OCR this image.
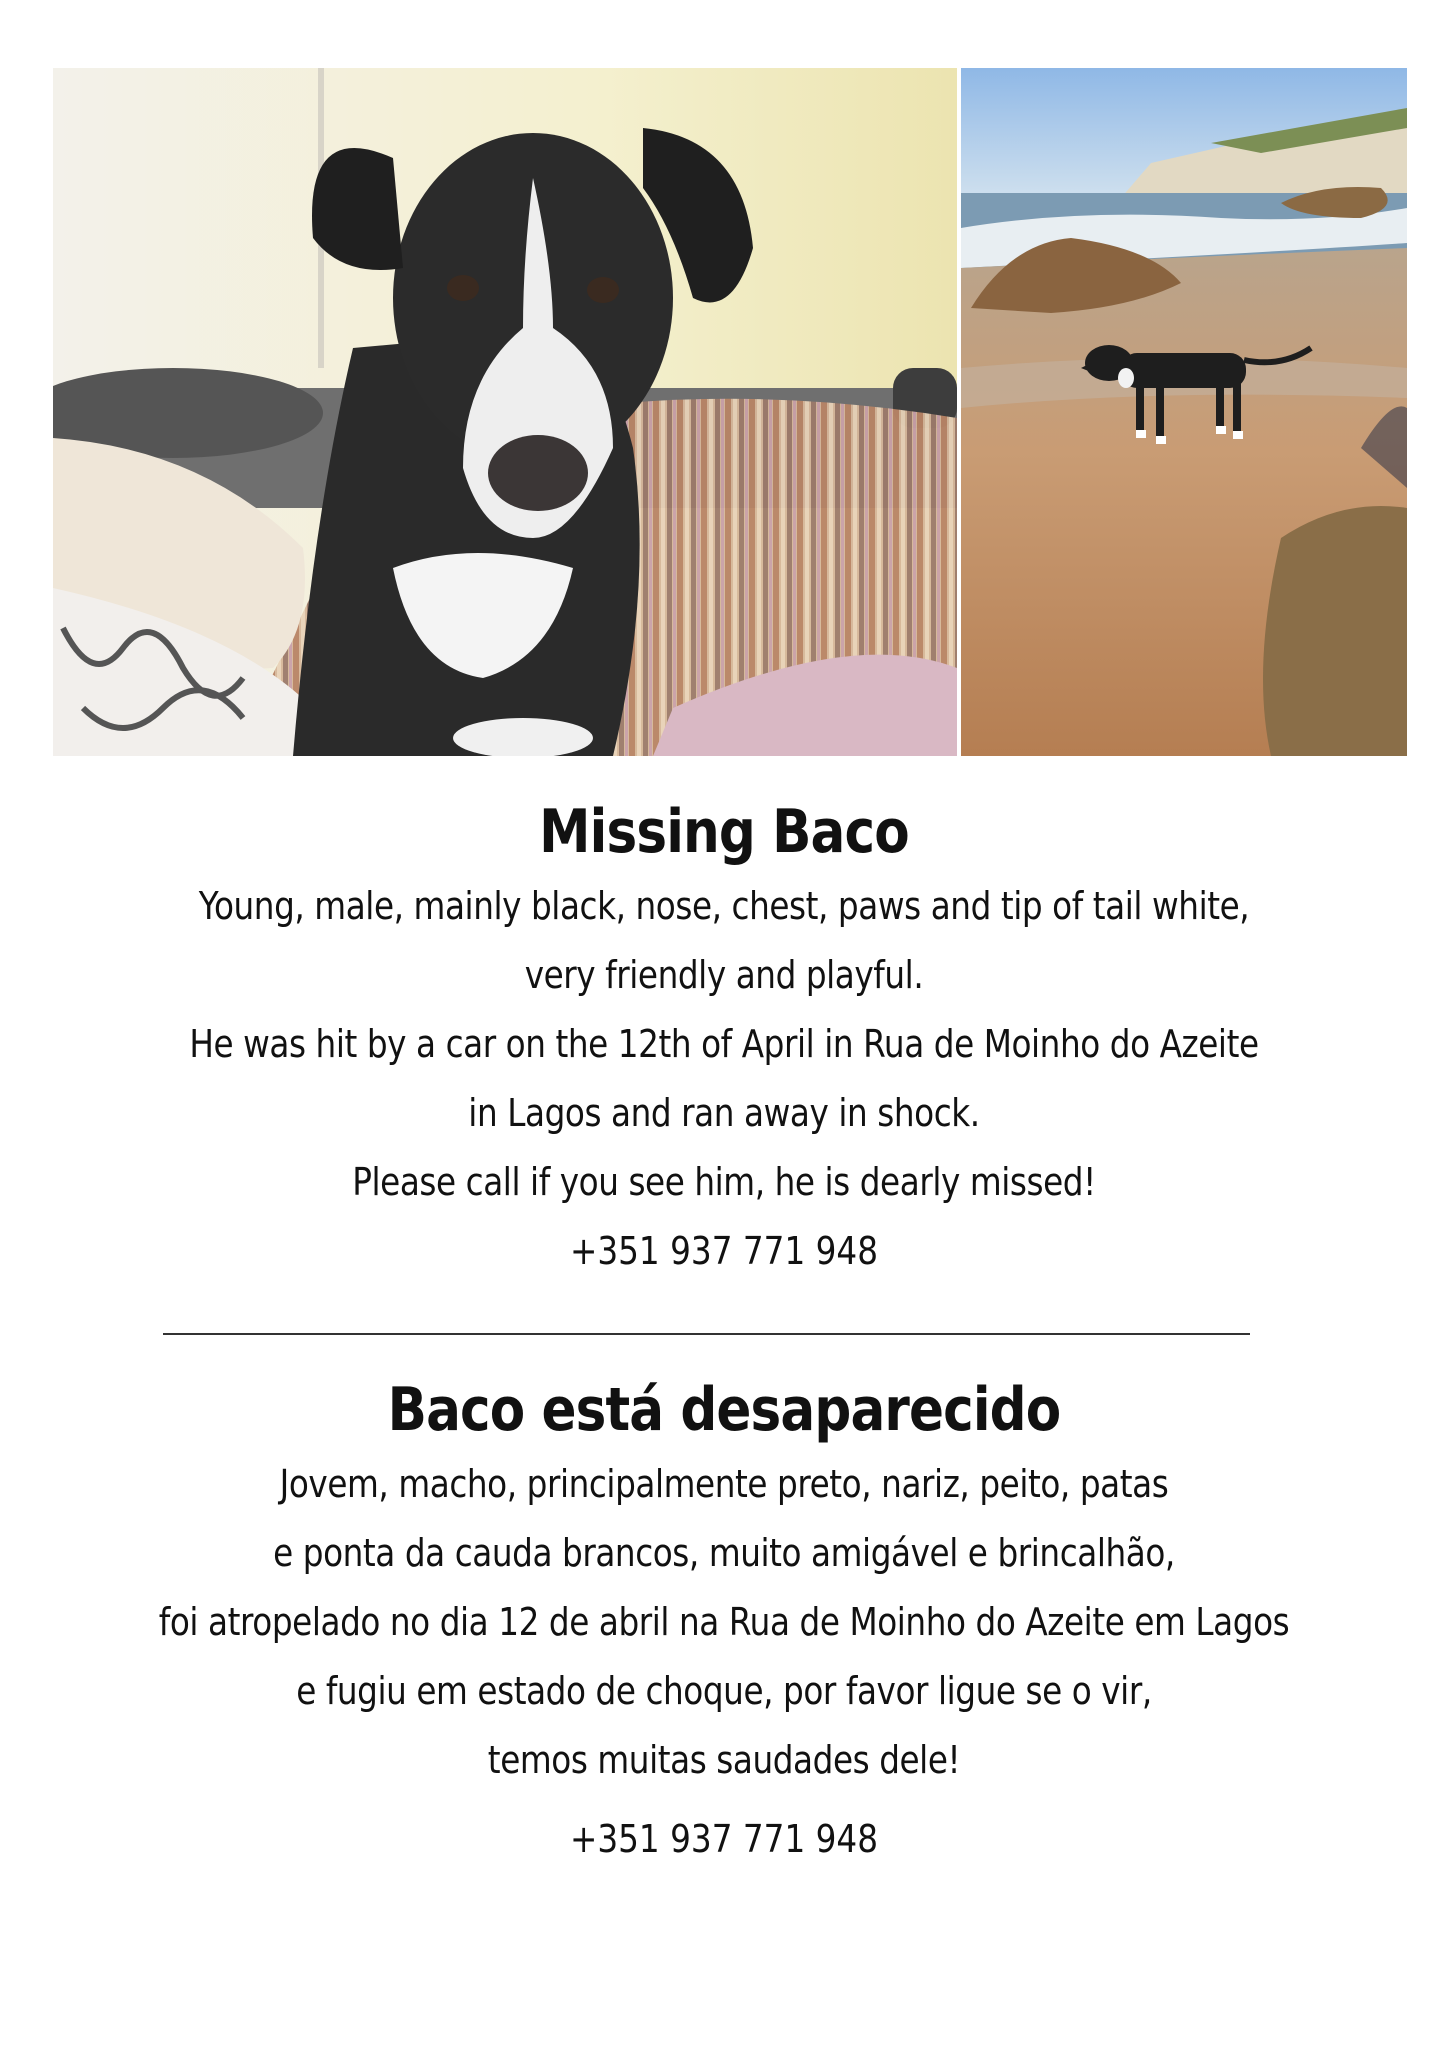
Missing Baco
Young, male, mainly black, nose, chest, paws and tip of tail white,
very friendly and playful.
He was hit by a car on the 12th of April in Rua de Moinho do Azeite
in Lagos and ran away in shock.
Please call if you see him, he is dearly missed!
+351 937 771 948
Baco está desaparecido
Jovem, macho, principalmente preto, nariz, peito, patas
e ponta da cauda brancos, muito amigável e brincalhão,
foi atropelado no dia 12 de abril na Rua de Moinho do Azeite em Lagos
e fugiu em estado de choque, por favor ligue se o vir,
temos muitas saudades dele!
+351 937 771 948
